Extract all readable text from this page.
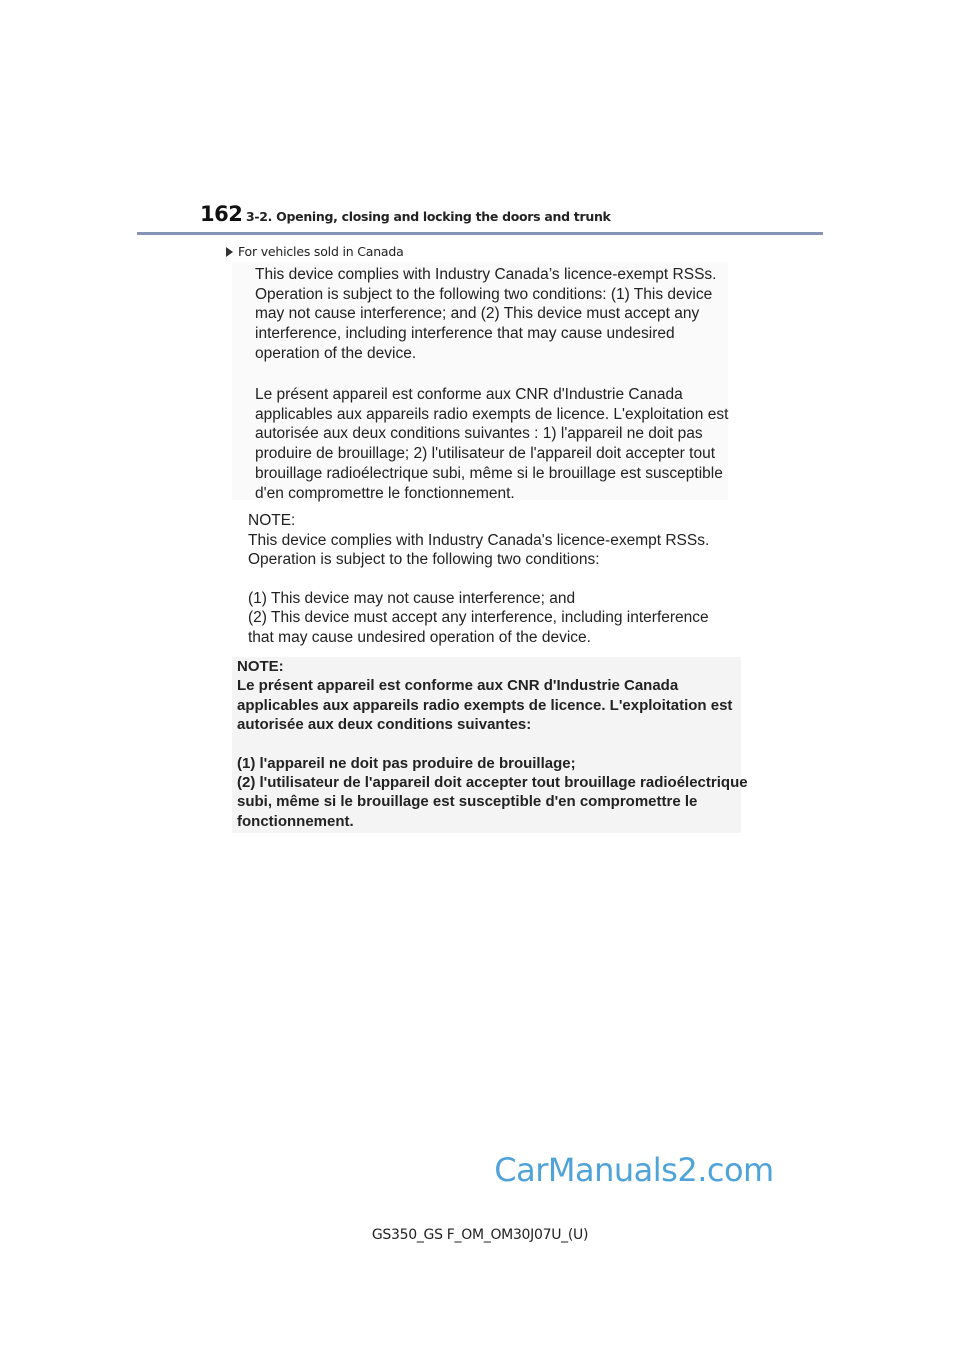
162 3-2. Opening, closing and locking the doors and trunk
For vehicles sold in Canada

This device complies with Industry Canada’s licence-exempt RSSs.

Operation is subject to the following two conditions: (1) This device

may not cause interference; and (2) This device must accept any

interference, including interference that may cause undesired

operation of the device.

Le présent appareil est conforme aux CNR d'Industrie Canada

applicables aux appareils radio exempts de licence. L'exploitation est

autorisée aux deux conditions suivantes : 1) l'appareil ne doit pas

produire de brouillage; 2) l'utilisateur de l'appareil doit accepter tout

brouillage radioélectrique subi, même si le brouillage est susceptible

d'en compromettre le fonctionnement.

NOTE:

This device complies with Industry Canada's licence-exempt RSSs.

Operation is subject to the following two conditions:

(1) This device may not cause interference; and

(2) This device must accept any interference, including interference

that may cause undesired operation of the device.

NOTE:

Le présent appareil est conforme aux CNR d'Industrie Canada

applicables aux appareils radio exempts de licence. L'exploitation est

autorisée aux deux conditions suivantes:

(1) l'appareil ne doit pas produire de brouillage;

(2) l'utilisateur de l'appareil doit accepter tout brouillage radioélectrique

subi, même si le brouillage est susceptible d'en compromettre le

fonctionnement.

CarManuals2.com
GS350_GS F_OM_OM30J07U_(U)
